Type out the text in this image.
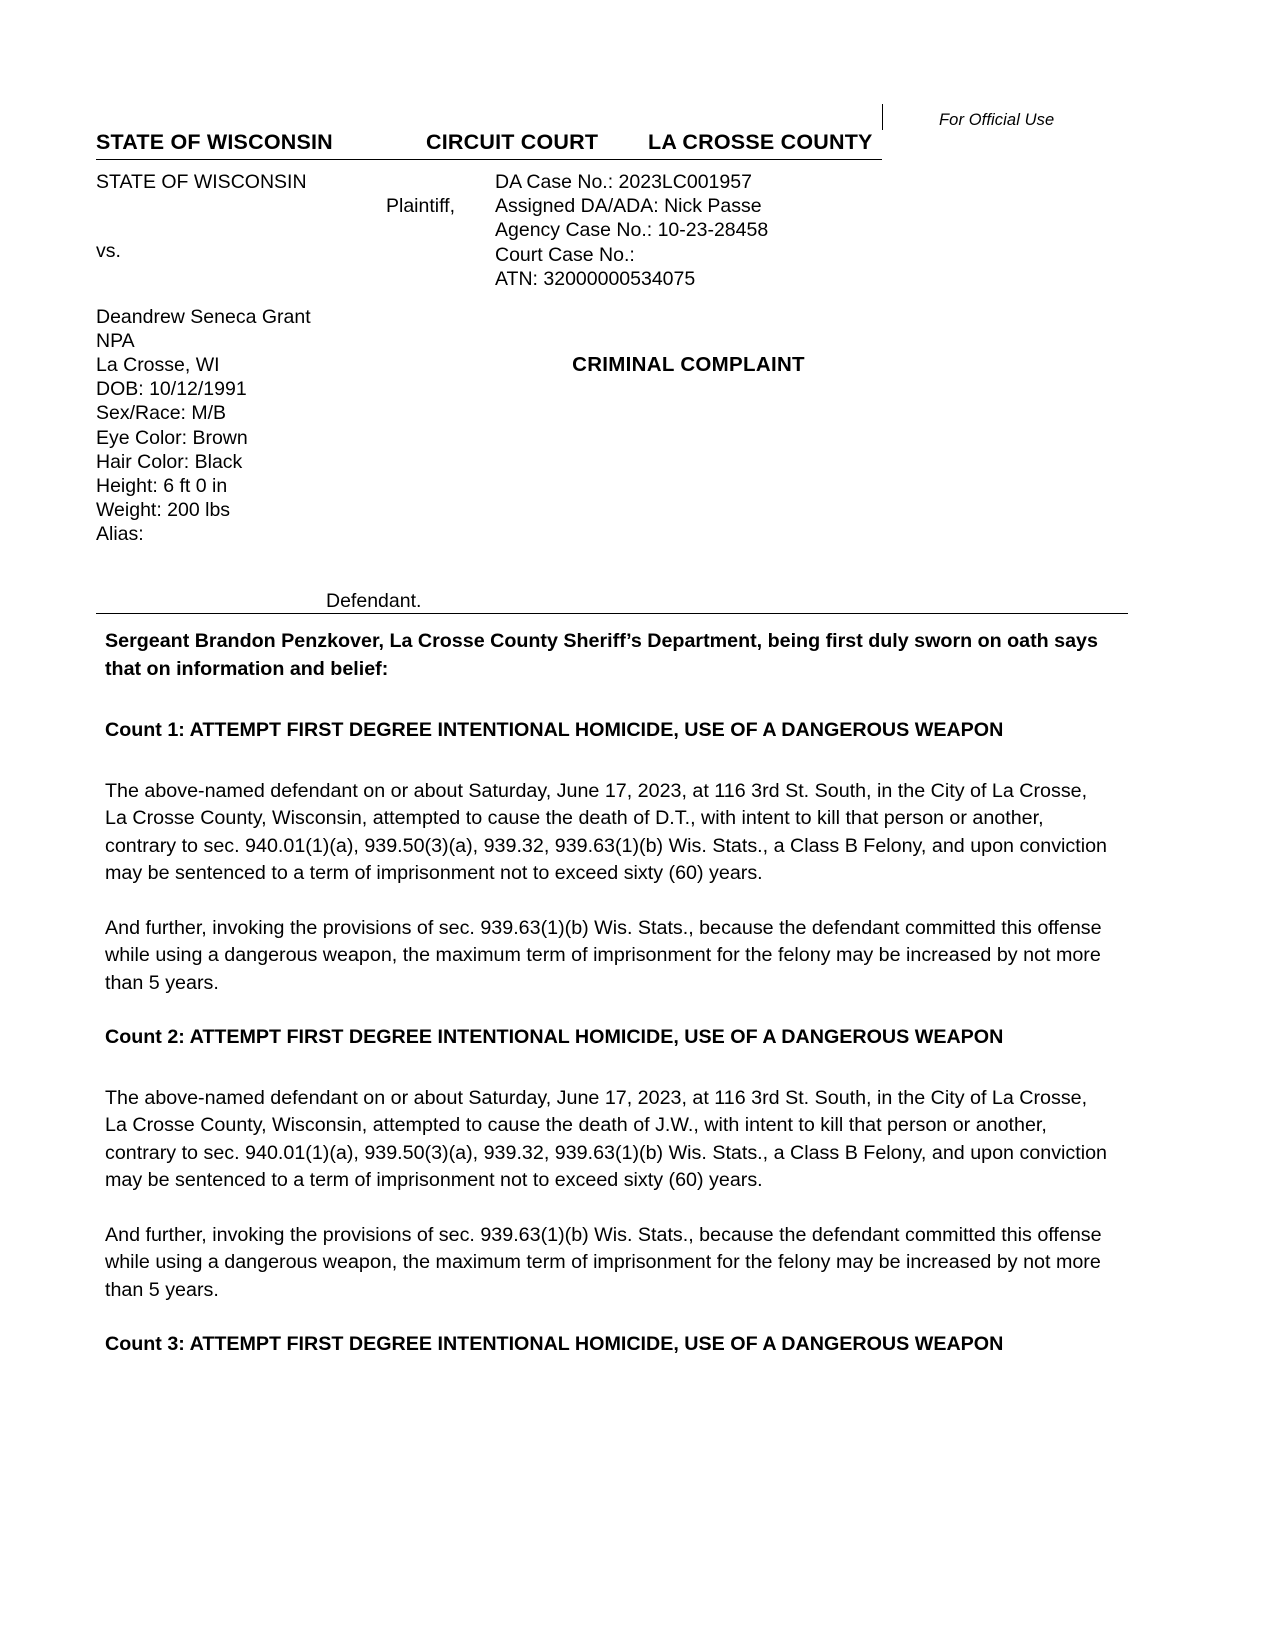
STATE OF WISCONSIN	CIRCUIT COURT	LA CROSSE COUNTY
STATE OF WISCONSIN
Plaintiff,
vs.
Deandrew Seneca Grant
NPA
La Crosse, WI
DOB: 10/12/1991
Sex/Race: M/B
Eye Color: Brown
Hair Color: Black
Height: 6 ft 0 in
Weight: 200 lbs
Alias:
Defendant.
DA Case No.: 2023LC001957
Assigned DA/ADA: Nick Passe
Agency Case No.: 10-23-28458
Court Case No.:
ATN: 32000000534075
CRIMINAL COMPLAINT
For Official Use

Sergeant Brandon Penzkover, La Crosse County Sheriff’s Department, being first duly sworn on oath says that on information and belief:

Count 1: ATTEMPT FIRST DEGREE INTENTIONAL HOMICIDE, USE OF A DANGEROUS WEAPON

The above-named defendant on or about Saturday, June 17, 2023, at 116 3rd St. South, in the City of La Crosse, La Crosse County, Wisconsin, attempted to cause the death of D.T., with intent to kill that person or another, contrary to sec. 940.01(1)(a), 939.50(3)(a), 939.32, 939.63(1)(b) Wis. Stats., a Class B Felony, and upon conviction may be sentenced to a term of imprisonment not to exceed sixty (60) years.

And further, invoking the provisions of sec. 939.63(1)(b) Wis. Stats., because the defendant committed this offense while using a dangerous weapon, the maximum term of imprisonment for the felony may be increased by not more than 5 years.

Count 2: ATTEMPT FIRST DEGREE INTENTIONAL HOMICIDE, USE OF A DANGEROUS WEAPON

The above-named defendant on or about Saturday, June 17, 2023, at 116 3rd St. South, in the City of La Crosse, La Crosse County, Wisconsin, attempted to cause the death of J.W., with intent to kill that person or another, contrary to sec. 940.01(1)(a), 939.50(3)(a), 939.32, 939.63(1)(b) Wis. Stats., a Class B Felony, and upon conviction may be sentenced to a term of imprisonment not to exceed sixty (60) years.

And further, invoking the provisions of sec. 939.63(1)(b) Wis. Stats., because the defendant committed this offense while using a dangerous weapon, the maximum term of imprisonment for the felony may be increased by not more than 5 years.

Count 3: ATTEMPT FIRST DEGREE INTENTIONAL HOMICIDE, USE OF A DANGEROUS WEAPON
